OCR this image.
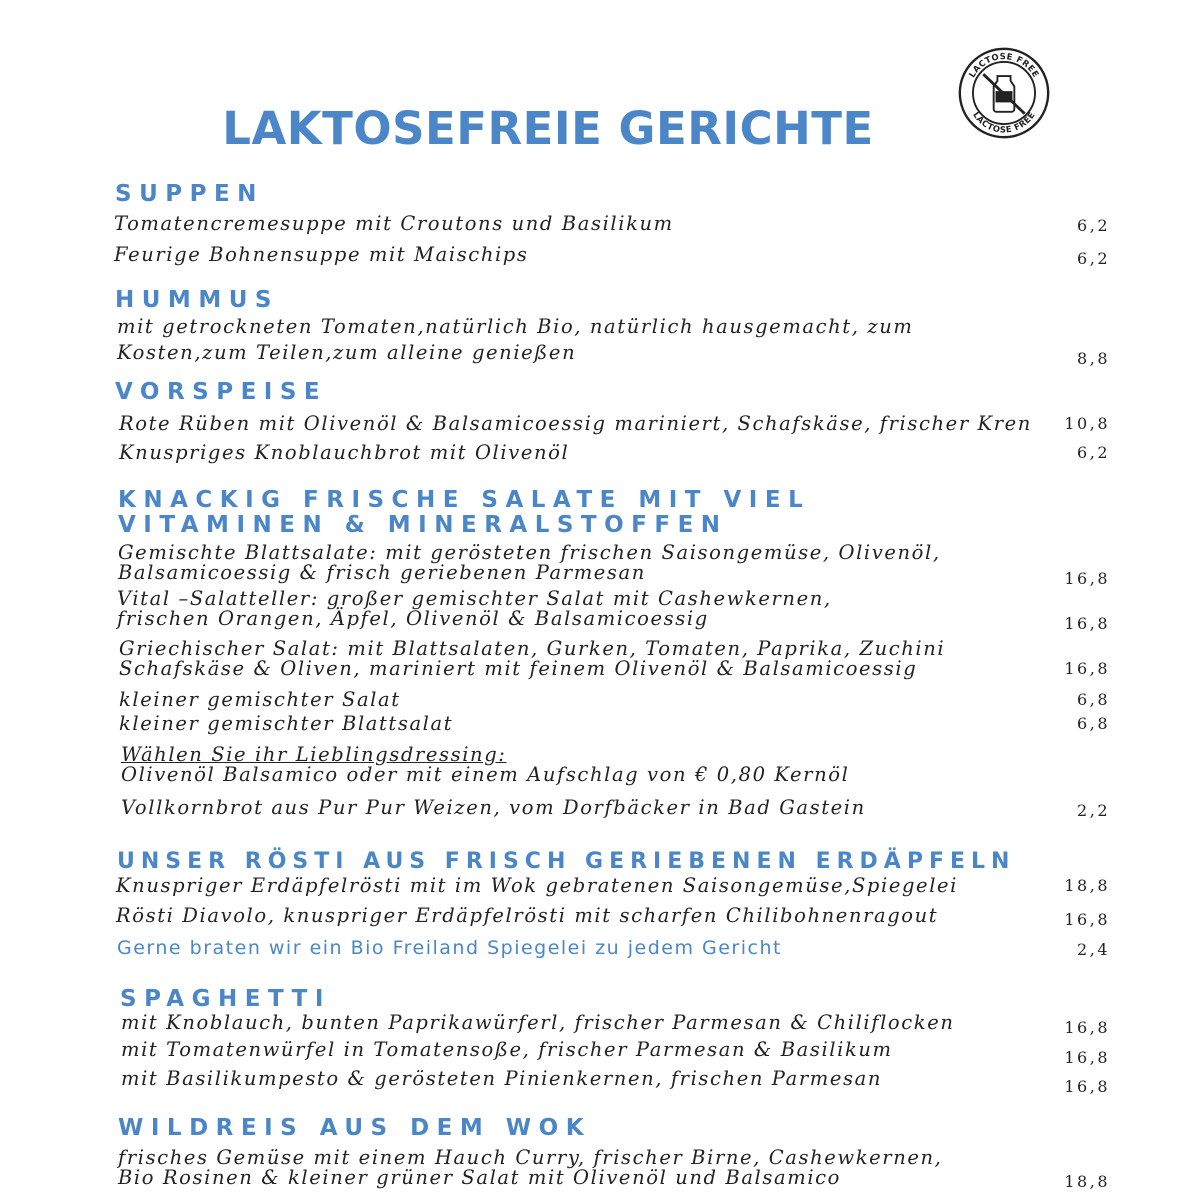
LAKTOSEFREIE GERICHTE
LACTOSE FREE
LACTOSE FREE
SUPPEN
Tomatencremesuppe mit Croutons und Basilikum	6,2
Feurige Bohnensuppe mit Maischips	6,2
HUMMUS
mit getrockneten Tomaten,natürlich Bio, natürlich hausgemacht, zum
Kosten,zum Teilen,zum alleine genießen	8,8
VORSPEISE
Rote Rüben mit Olivenöl & Balsamicoessig mariniert, Schafskäse, frischer Kren	10,8
Knuspriges Knoblauchbrot mit Olivenöl	6,2
KNACKIG FRISCHE SALATE MIT VIEL
VITAMINEN & MINERALSTOFFEN
Gemischte Blattsalate: mit gerösteten frischen Saisongemüse, Olivenöl,
Balsamicoessig & frisch geriebenen Parmesan	16,8
Vital –Salatteller: großer gemischter Salat mit Cashewkernen,
frischen Orangen, Äpfel, Olivenöl & Balsamicoessig	16,8
Griechischer Salat: mit Blattsalaten, Gurken, Tomaten, Paprika, Zuchini
Schafskäse & Oliven, mariniert mit feinem Olivenöl & Balsamicoessig	16,8
kleiner gemischter Salat	6,8
kleiner gemischter Blattsalat	6,8
Wählen Sie ihr Lieblingsdressing:
Olivenöl Balsamico oder mit einem Aufschlag von € 0,80 Kernöl
Vollkornbrot aus Pur Pur Weizen, vom Dorfbäcker in Bad Gastein	2,2
UNSER RÖSTI AUS FRISCH GERIEBENEN ERDÄPFELN
Knuspriger Erdäpfelrösti mit im Wok gebratenen Saisongemüse,Spiegelei	18,8
Rösti Diavolo, knuspriger Erdäpfelrösti mit scharfen Chilibohnenragout	16,8
Gerne braten wir ein Bio Freiland Spiegelei zu jedem Gericht	2,4
SPAGHETTI
mit Knoblauch, bunten Paprikawürferl, frischer Parmesan & Chiliflocken	16,8
mit Tomatenwürfel in Tomatensoße, frischer Parmesan & Basilikum	16,8
mit Basilikumpesto & gerösteten Pinienkernen, frischen Parmesan	16,8
WILDREIS AUS DEM WOK
frisches Gemüse mit einem Hauch Curry, frischer Birne, Cashewkernen,
Bio Rosinen & kleiner grüner Salat mit Olivenöl und Balsamico	18,8
